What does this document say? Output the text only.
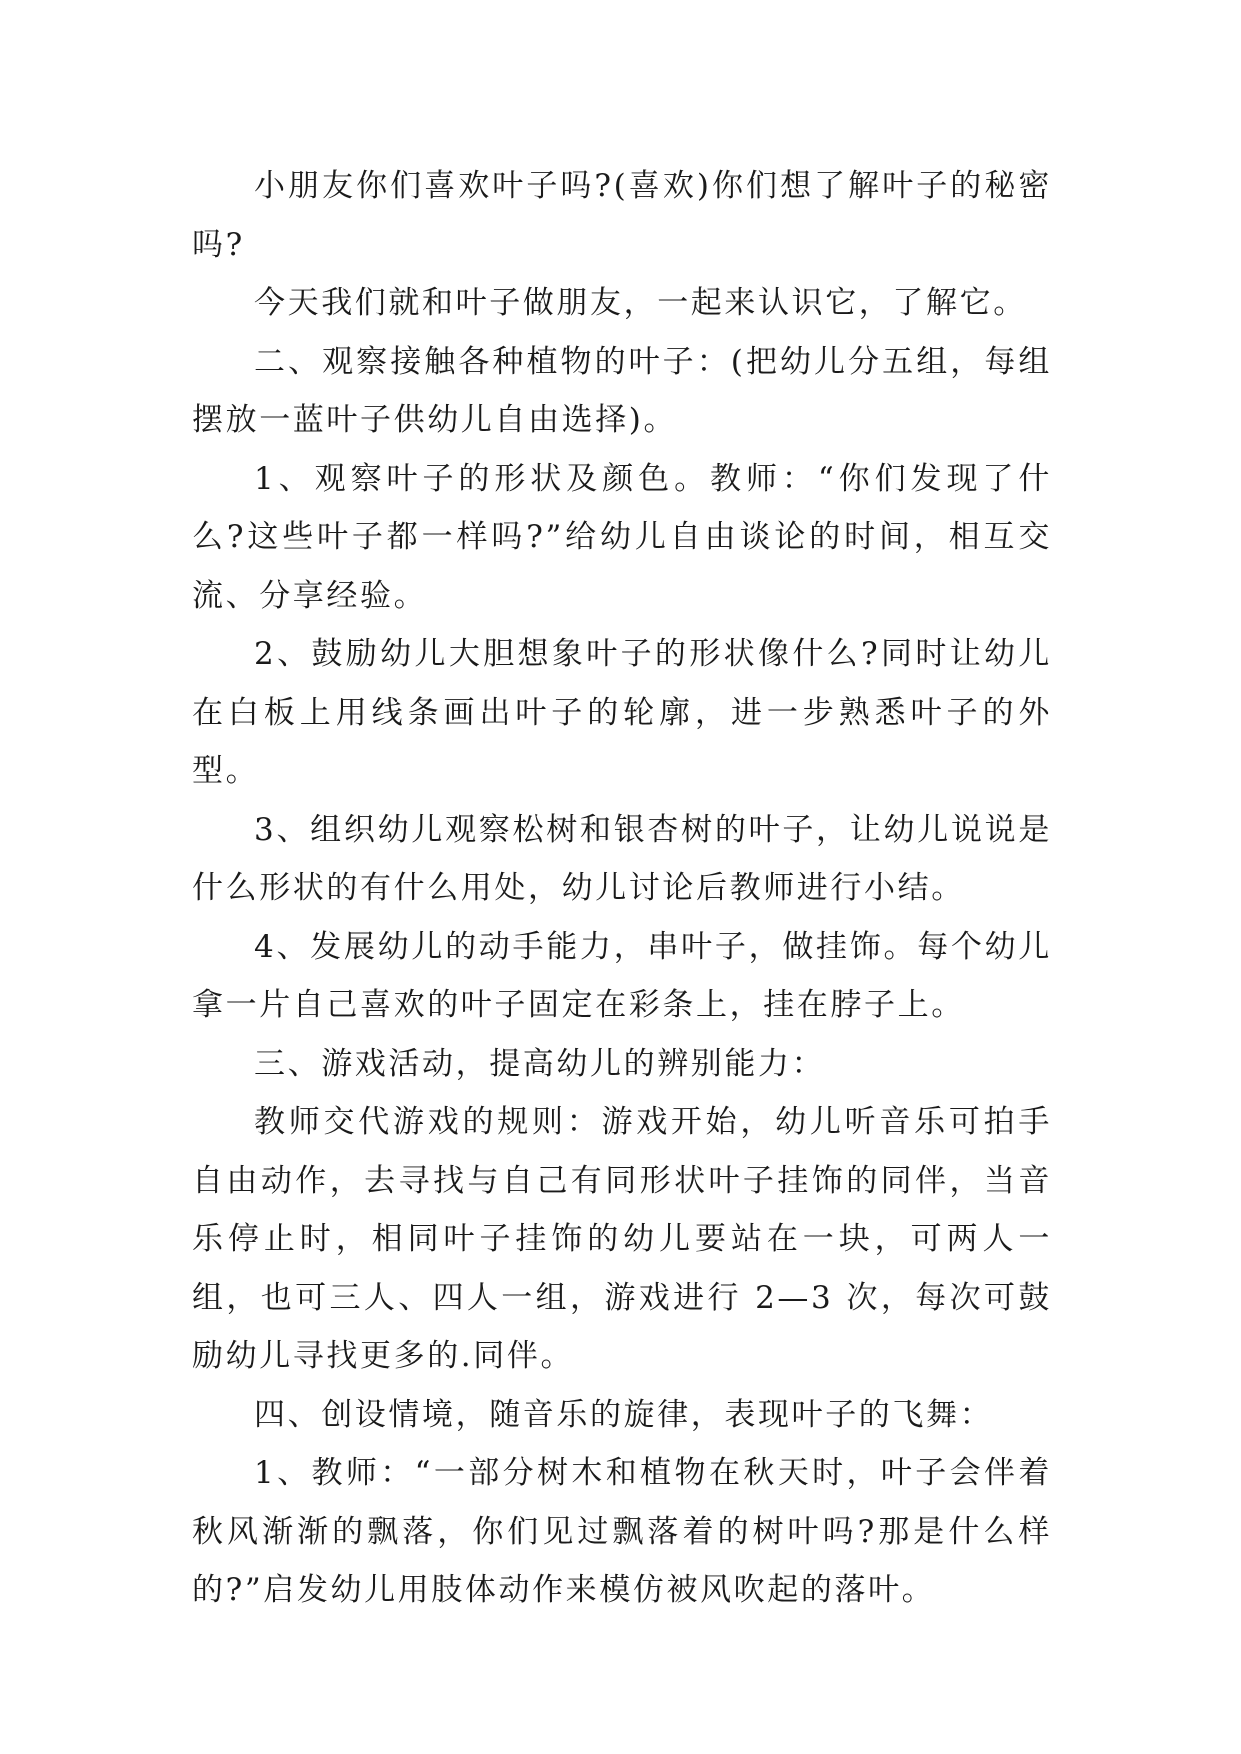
小朋友你们喜欢叶子吗?(喜欢)你们想了解叶子的秘密吗?

今天我们就和叶子做朋友，一起来认识它，了解它。

二、观察接触各种植物的叶子：(把幼儿分五组，每组摆放一蓝叶子供幼儿自由选择)。

1、观察叶子的形状及颜色。教师：“你们发现了什么?这些叶子都一样吗?”给幼儿自由谈论的时间，相互交流、分享经验。

2、鼓励幼儿大胆想象叶子的形状像什么?同时让幼儿在白板上用线条画出叶子的轮廓，进一步熟悉叶子的外型。

3、组织幼儿观察松树和银杏树的叶子，让幼儿说说是什么形状的有什么用处，幼儿讨论后教师进行小结。

4、发展幼儿的动手能力，串叶子，做挂饰。每个幼儿拿一片自己喜欢的叶子固定在彩条上，挂在脖子上。

三、游戏活动，提高幼儿的辨别能力：

教师交代游戏的规则：游戏开始，幼儿听音乐可拍手自由动作，去寻找与自己有同形状叶子挂饰的同伴，当音乐停止时，相同叶子挂饰的幼儿要站在一块，可两人一组，也可三人、四人一组，游戏进行 2—3 次，每次可鼓励幼儿寻找更多的.同伴。

四、创设情境，随音乐的旋律，表现叶子的飞舞：

1、教师：“一部分树木和植物在秋天时，叶子会伴着秋风渐渐的飘落，你们见过飘落着的树叶吗?那是什么样的?”启发幼儿用肢体动作来模仿被风吹起的落叶。
